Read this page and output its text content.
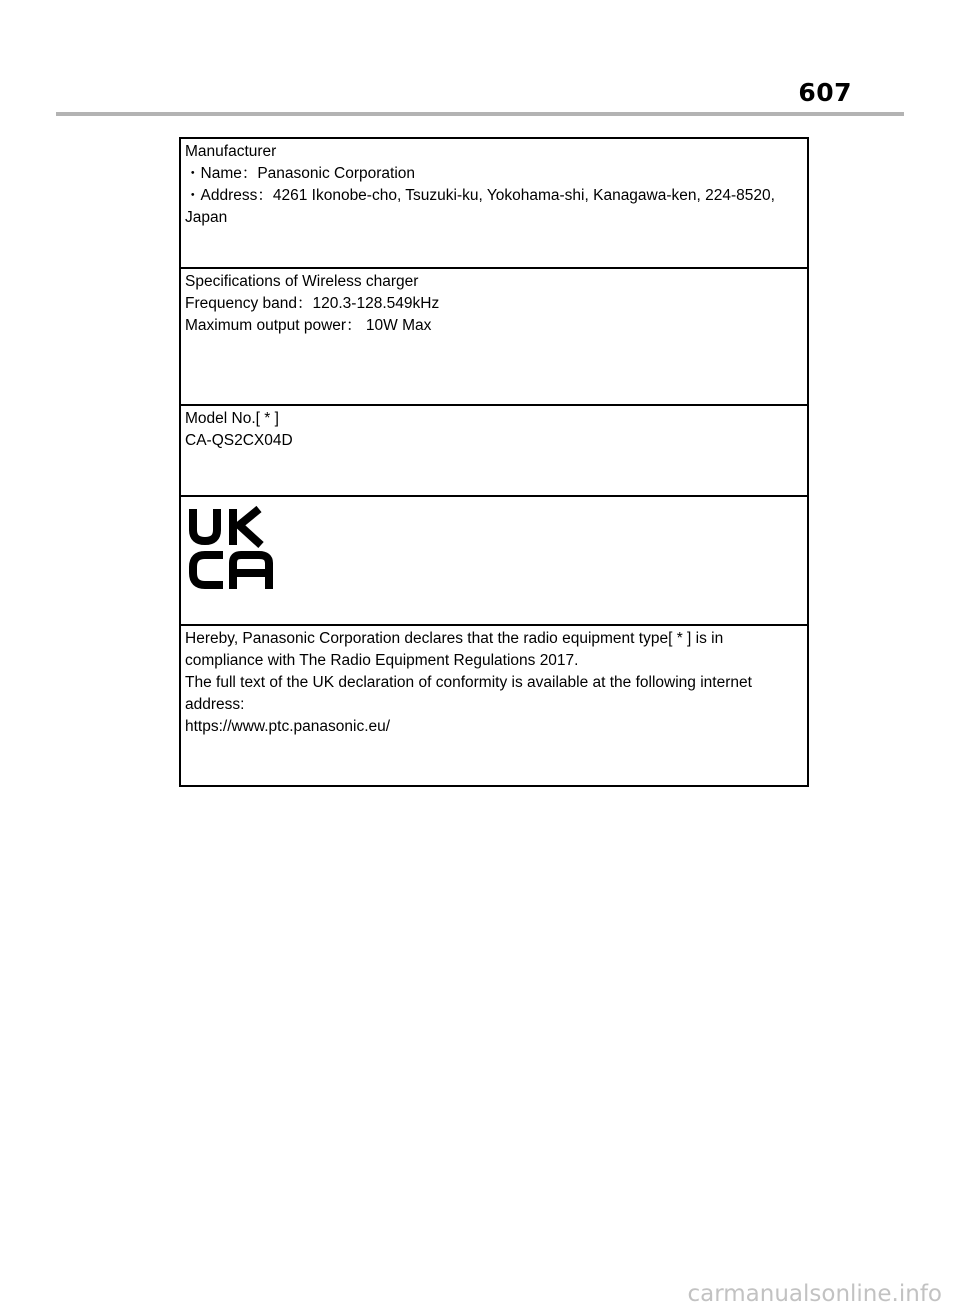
607
Manufacturer
・Name：Panasonic Corporation
・Address：4261 Ikonobe-cho, Tsuzuki-ku, Yokohama-shi, Kanagawa-ken, 224-8520, Japan
Specifications of Wireless charger
Frequency band：120.3-128.549kHz
Maximum output power： 10W Max
Model No.[ * ]
CA-QS2CX04D
Hereby, Panasonic Corporation declares that the radio equipment type[ * ] is in compliance with The Radio Equipment Regulations 2017.
The full text of the UK declaration of conformity is available at the following internet address:
https://www.ptc.panasonic.eu/
carmanualsonline.info
